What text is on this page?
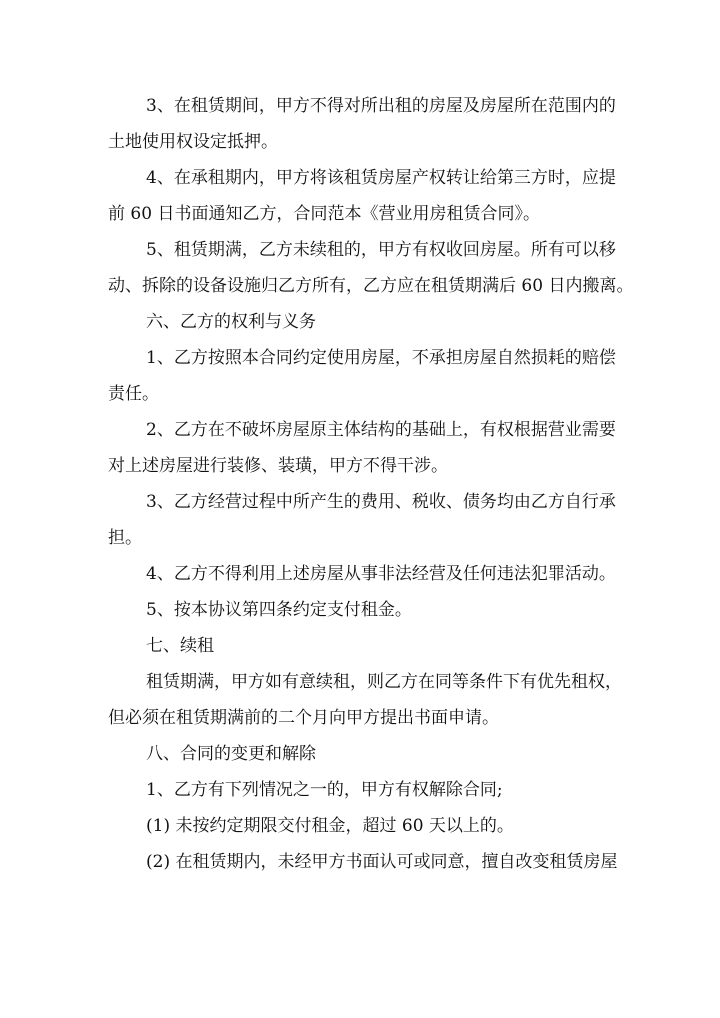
3、在租赁期间，甲方不得对所出租的房屋及房屋所在范围内的
土地使用权设定抵押。
4、在承租期内，甲方将该租赁房屋产权转让给第三方时，应提
前 60 日书面通知乙方，合同范本《营业用房租赁合同》。
5、租赁期满，乙方未续租的，甲方有权收回房屋。所有可以移
动、拆除的设备设施归乙方所有，乙方应在租赁期满后 60 日内搬离。
六、乙方的权利与义务
1、乙方按照本合同约定使用房屋，不承担房屋自然损耗的赔偿
责任。
2、乙方在不破坏房屋原主体结构的基础上，有权根据营业需要
对上述房屋进行装修、装璜，甲方不得干涉。
3、乙方经营过程中所产生的费用、税收、债务均由乙方自行承
担。
4、乙方不得利用上述房屋从事非法经营及任何违法犯罪活动。
5、按本协议第四条约定支付租金。
七、续租
租赁期满，甲方如有意续租，则乙方在同等条件下有优先租权，
但必须在租赁期满前的二个月向甲方提出书面申请。
八、合同的变更和解除
1、乙方有下列情况之一的，甲方有权解除合同;
(1) 未按约定期限交付租金，超过 60 天以上的。
(2) 在租赁期内，未经甲方书面认可或同意，擅自改变租赁房屋
